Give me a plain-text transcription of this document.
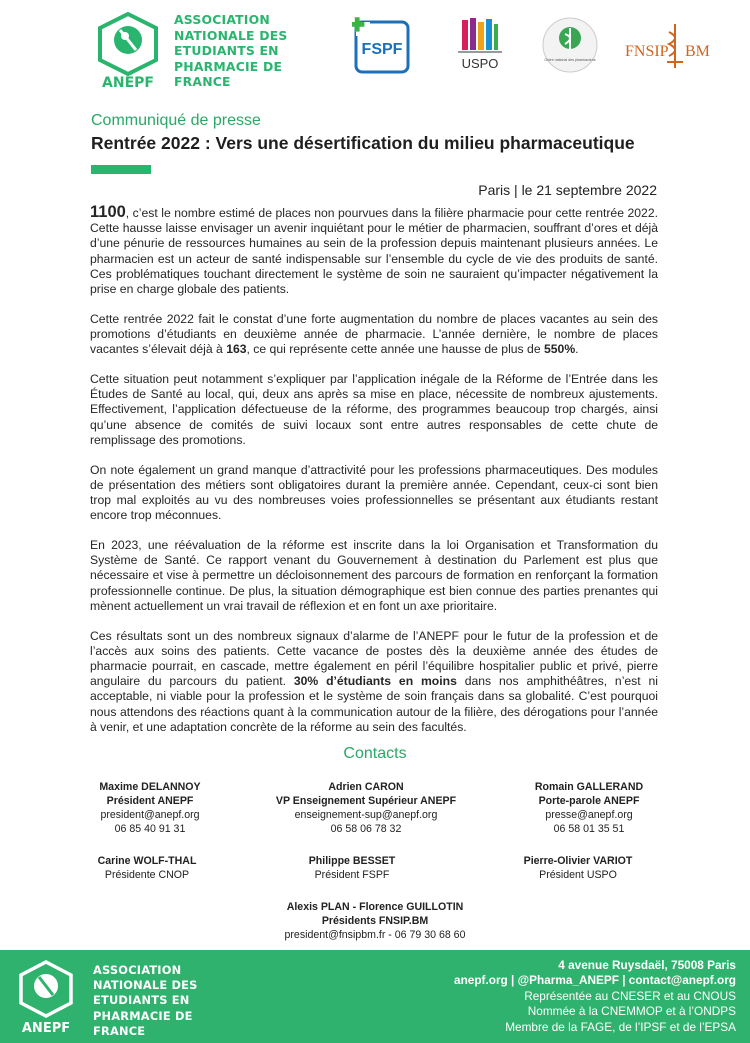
ANEPF
ASSOCIATION
NATIONALE DES
ETUDIANTS EN
PHARMACIE DE
FRANCE
FSPF
USPO	Ordre national des pharmaciens FNSIP BM
Communiqué de presse
Rentrée 2022 : Vers une désertification du milieu pharmaceutique
Paris | le 21 septembre 2022

1100, c’est le nombre estimé de places non pourvues dans la filière pharmacie pour cette rentrée 2022. Cette hausse laisse envisager un avenir inquiétant pour le métier de pharmacien, souffrant d’ores et déjà d’une pénurie de ressources humaines au sein de la profession depuis maintenant plusieurs années. Le pharmacien est un acteur de santé indispensable sur l’ensemble du cycle de vie des produits de santé. Ces problématiques touchant directement le système de soin ne sauraient qu’impacter négativement la prise en charge globale des patients.

Cette rentrée 2022 fait le constat d’une forte augmentation du nombre de places vacantes au sein des promotions d’étudiants en deuxième année de pharmacie. L’année dernière, le nombre de places vacantes s’élevait déjà à 163, ce qui représente cette année une hausse de plus de 550%.

Cette situation peut notamment s’expliquer par l’application inégale de la Réforme de l’Entrée dans les Études de Santé au local, qui, deux ans après sa mise en place, nécessite de nombreux ajustements. Effectivement, l’application défectueuse de la réforme, des programmes beaucoup trop chargés, ainsi qu’une absence de comités de suivi locaux sont entre autres responsables de cette chute de remplissage des promotions.

On note également un grand manque d’attractivité pour les professions pharmaceutiques. Des modules de présentation des métiers sont obligatoires durant la première année. Cependant, ceux-ci sont bien trop mal exploités au vu des nombreuses voies professionnelles se présentant aux étudiants restant encore trop méconnues.

En 2023, une réévaluation de la réforme est inscrite dans la loi Organisation et Transformation du Système de Santé. Ce rapport venant du Gouvernement à destination du Parlement est plus que nécessaire et vise à permettre un décloisonnement des parcours de formation en renforçant la formation professionnelle continue. De plus, la situation démographique est bien connue des parties prenantes qui mènent actuellement un vrai travail de réflexion et en font un axe prioritaire.

Ces résultats sont un des nombreux signaux d’alarme de l’ANEPF pour le futur de la profession et de l’accès aux soins des patients. Cette vacance de postes dès la deuxième année des études de pharmacie pourrait, en cascade, mettre également en péril l’équilibre hospitalier public et privé, pierre angulaire du parcours du patient. 30% d’étudiants en moins dans nos amphithéâtres, n’est ni acceptable, ni viable pour la profession et le système de soin français dans sa globalité. C’est pourquoi nous attendons des réactions quant à la communication autour de la filière, des dérogations pour l’année à venir, et une adaptation concrète de la réforme au sein des facultés.

Contacts
Maxime DELANNOY
Président ANEPF
president@anepf.org
06 85 40 91 31
Adrien CARON
VP Enseignement Supérieur ANEPF
enseignement-sup@anepf.org
06 58 06 78 32
Romain GALLERAND
Porte-parole ANEPF
presse@anepf.org
06 58 01 35 51
Carine WOLF-THAL
Présidente CNOP
Philippe BESSET
Président FSPF
Pierre-Olivier VARIOT
Président USPO
Alexis PLAN - Florence GUILLOTIN
Présidents FNSIP.BM
president@fnsipbm.fr - 06 79 30 68 60
ANEPF
ASSOCIATION
NATIONALE DES
ETUDIANTS EN
PHARMACIE DE
FRANCE
4 avenue Ruysdaël, 75008 Paris
anepf.org | @Pharma_ANEPF | contact@anepf.org
Représentée au CNESER et au CNOUS
Nommée à la CNEMMOP et à l’ONDPS
Membre de la FAGE, de l’IPSF et de l’EPSA
